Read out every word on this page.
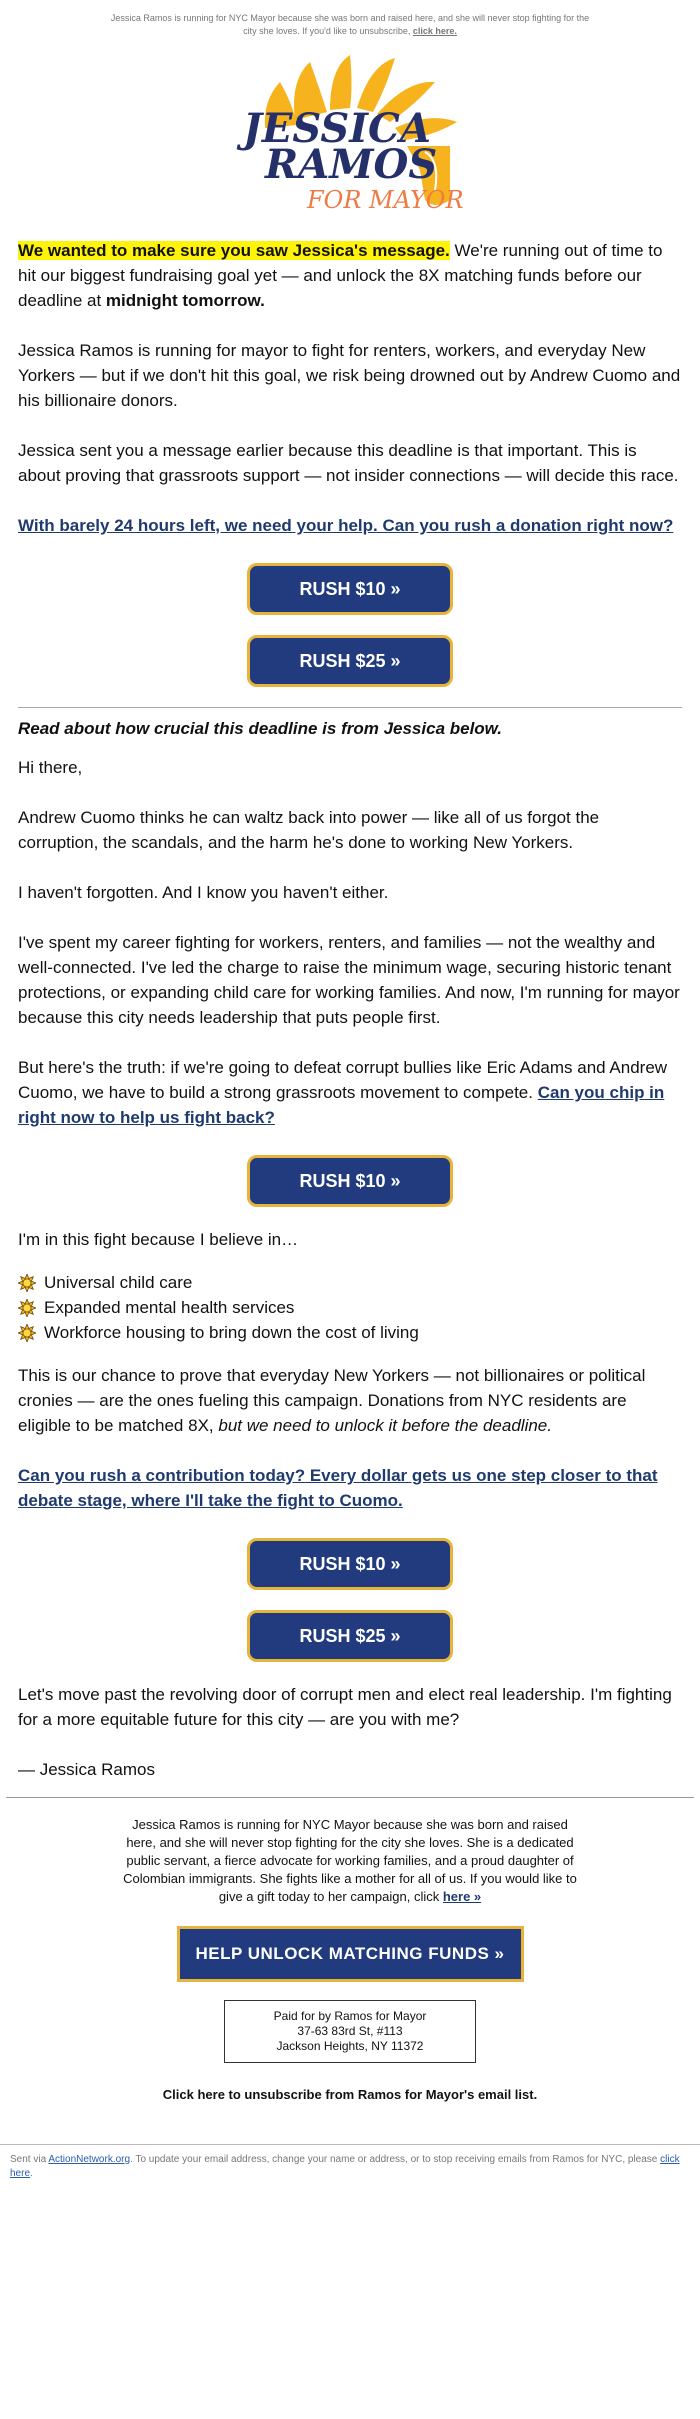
Jessica Ramos is running for NYC Mayor because she was born and raised here, and she will never stop fighting for the city she loves. If you'd like to unsubscribe, click here.
JESSICA
RAMOS
FOR MAYOR

We wanted to make sure you saw Jessica's message. We're running out of time to hit our biggest fundraising goal yet — and unlock the 8X matching funds before our deadline at midnight tomorrow.

Jessica Ramos is running for mayor to fight for renters, workers, and everyday New Yorkers — but if we don't hit this goal, we risk being drowned out by Andrew Cuomo and his billionaire donors.

Jessica sent you a message earlier because this deadline is that important. This is about proving that grassroots support — not insider connections — will decide this race.

With barely 24 hours left, we need your help. Can you rush a donation right now?

RUSH $10 »
RUSH $25 »

Read about how crucial this deadline is from Jessica below.

Hi there,

Andrew Cuomo thinks he can waltz back into power — like all of us forgot the corruption, the scandals, and the harm he's done to working New Yorkers.

I haven't forgotten. And I know you haven't either.

I've spent my career fighting for workers, renters, and families — not the wealthy and well-connected. I've led the charge to raise the minimum wage, securing historic tenant protections, or expanding child care for working families. And now, I'm running for mayor because this city needs leadership that puts people first.

But here's the truth: if we're going to defeat corrupt bullies like Eric Adams and Andrew Cuomo, we have to build a strong grassroots movement to compete. Can you chip in right now to help us fight back?

RUSH $10 »

I'm in this fight because I believe in…

Universal child care
Expanded mental health services
Workforce housing to bring down the cost of living

This is our chance to prove that everyday New Yorkers — not billionaires or political cronies — are the ones fueling this campaign. Donations from NYC residents are eligible to be matched 8X, but we need to unlock it before the deadline.

Can you rush a contribution today? Every dollar gets us one step closer to that debate stage, where I'll take the fight to Cuomo.

RUSH $10 »
RUSH $25 »

Let's move past the revolving door of corrupt men and elect real leadership. I'm fighting for a more equitable future for this city — are you with me?

— Jessica Ramos

Jessica Ramos is running for NYC Mayor because she was born and raised here, and she will never stop fighting for the city she loves. She is a dedicated public servant, a fierce advocate for working families, and a proud daughter of Colombian immigrants. She fights like a mother for all of us. If you would like to give a gift today to her campaign, click here »
HELP UNLOCK MATCHING FUNDS »
Paid for by Ramos for Mayor
37-63 83rd St, #113
Jackson Heights, NY 11372
Click here to unsubscribe from Ramos for Mayor's email list.
Sent via ActionNetwork.org. To update your email address, change your name or address, or to stop receiving emails from Ramos for NYC, please click here.
